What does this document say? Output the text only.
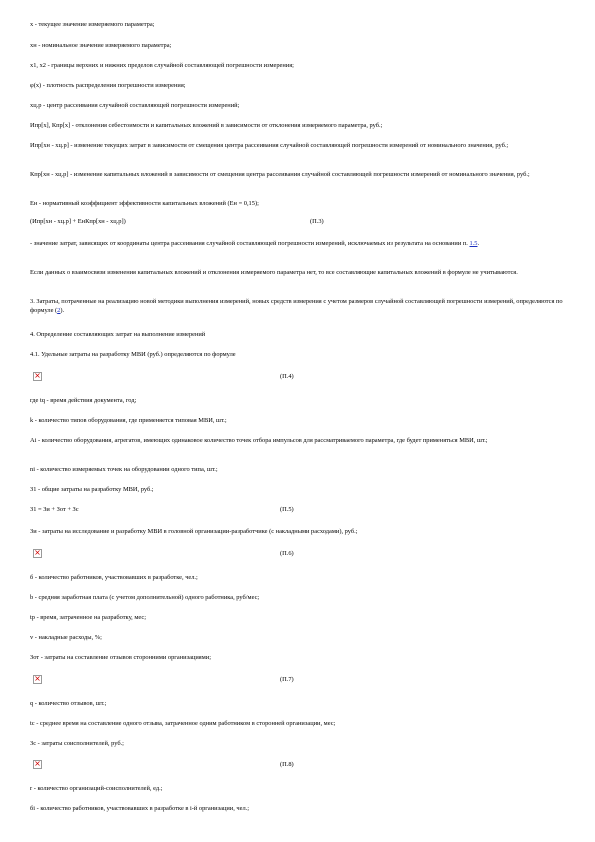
x - текущее значение измеряемого параметра;
xн - номинальное значение измеряемого параметра;
x1, x2 - границы верхних и нижних пределов случайной составляющей погрешности измерения;
φ(x) - плотность распределения погрешности измерения;
xц.р - центр рассеивания случайной составляющей погрешности измерений;
Ипр[x], Кпр[x] - отклонения себестоимости и капитальных вложений в зависимости от отклонения измеряемого параметра, руб.;
Ипр[xн - xц.р] - изменение текущих затрат в зависимости от смещения центра рассеивания случайной составляющей погрешности измерений от номинального значения, руб.;
Кпр[xн - xц.р] - изменение капитальных вложений в зависимости от смещения центра рассеивания случайной составляющей погрешности измерений от номинального значения, руб.;
Ен - нормативный коэффициент эффективности капитальных вложений (Ен = 0,15);
(Ипр[xн - xц.р] + ЕнКпр[xн - xц.р])	(П.3)
- значение затрат, зависящих от координаты центра рассеивания случайной составляющей погрешности измерений, исключаемых из результата на основании п. 1.5.
Если данных о взаимосвязи изменения капитальных вложений и отклонения измеряемого параметра нет, то все составляющие капитальных вложений в формуле не учитываются.
3. Затраты, потраченные на реализацию новой методики выполнения измерений, новых средств измерения с учетом размеров случайной составляющей погрешности измерений, определяются по формуле (2).
4. Определение составляющих затрат на выполнение измерений
4.1. Удельные затраты на разработку МВИ (руб.) определяются по формуле
×
(П.4)
где tq - время действия документа, год;
k - количество типов оборудования, где применяется типовая МВИ, шт.;
Ai - количество оборудования, агрегатов, имеющих одинаковое количество точек отбора импульсов для рассматриваемого параметра, где будет применяться МВИ, шт.;
ni - количество измеряемых точек на оборудовании одного типа, шт.;
З1 - общие затраты на разработку МВИ, руб.;
З1 = Зи + Зот + Зс	(П.5)
Зи - затраты на исследование и разработку МВИ в головной организации-разработчике (с накладными расходами), руб.;
×
(П.6)
б - количество работников, участвовавших в разработке, чел.;
b - средняя заработная плата (с учетом дополнительной) одного работника, руб/мес;
tр - время, затраченное на разработку, мес;
v - накладные расходы, %;
Зот - затраты на составление отзывов сторонними организациями;
×
(П.7)
q - количество отзывов, шт.;
tc - среднее время на составление одного отзыва, затраченное одним работником в сторонней организации, мес;
Зс - затраты соисполнителей, руб.;
×
(П.8)
r - количество организаций-соисполнителей, ед.;
бi - количество работников, участвовавших в разработке в i-й организации, чел.;
